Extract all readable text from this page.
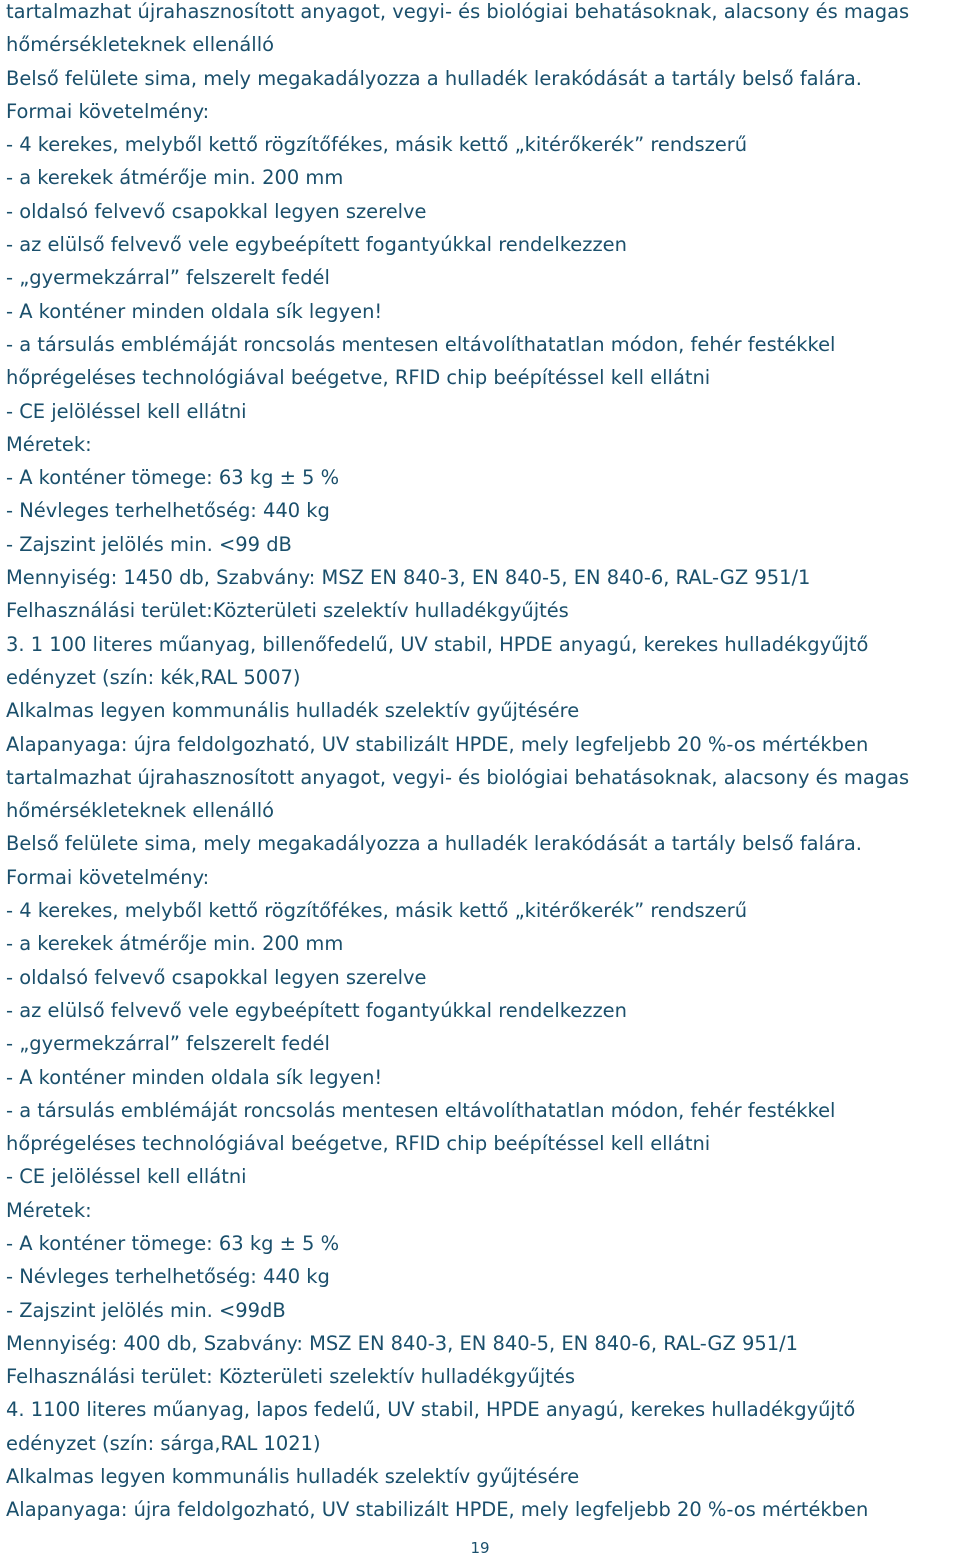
tartalmazhat újrahasznosított anyagot, vegyi- és biológiai behatásoknak, alacsony és magas
hőmérsékleteknek ellenálló
Belső felülete sima, mely megakadályozza a hulladék lerakódását a tartály belső falára.
Formai követelmény:
- 4 kerekes, melyből kettő rögzítőfékes, másik kettő „kitérőkerék” rendszerű
- a kerekek átmérője min. 200 mm
- oldalsó felvevő csapokkal legyen szerelve
- az elülső felvevő vele egybeépített fogantyúkkal rendelkezzen
- „gyermekzárral” felszerelt fedél
- A konténer minden oldala sík legyen!
- a társulás emblémáját roncsolás mentesen eltávolíthatatlan módon, fehér festékkel
hőprégeléses technológiával beégetve, RFID chip beépítéssel kell ellátni
- CE jelöléssel kell ellátni
Méretek:
- A konténer tömege: 63 kg ± 5 %
- Névleges terhelhetőség: 440 kg
- Zajszint jelölés min. <99 dB
Mennyiség: 1450 db, Szabvány: MSZ EN 840-3, EN 840-5, EN 840-6, RAL-GZ 951/1
Felhasználási terület:Közterületi szelektív hulladékgyűjtés
3. 1 100 literes műanyag, billenőfedelű, UV stabil, HPDE anyagú, kerekes hulladékgyűjtő
edényzet (szín: kék,RAL 5007)
Alkalmas legyen kommunális hulladék szelektív gyűjtésére
Alapanyaga: újra feldolgozható, UV stabilizált HPDE, mely legfeljebb 20 %-os mértékben
tartalmazhat újrahasznosított anyagot, vegyi- és biológiai behatásoknak, alacsony és magas
hőmérsékleteknek ellenálló
Belső felülete sima, mely megakadályozza a hulladék lerakódását a tartály belső falára.
Formai követelmény:
- 4 kerekes, melyből kettő rögzítőfékes, másik kettő „kitérőkerék” rendszerű
- a kerekek átmérője min. 200 mm
- oldalsó felvevő csapokkal legyen szerelve
- az elülső felvevő vele egybeépített fogantyúkkal rendelkezzen
- „gyermekzárral” felszerelt fedél
- A konténer minden oldala sík legyen!
- a társulás emblémáját roncsolás mentesen eltávolíthatatlan módon, fehér festékkel
hőprégeléses technológiával beégetve, RFID chip beépítéssel kell ellátni
- CE jelöléssel kell ellátni
Méretek:
- A konténer tömege: 63 kg ± 5 %
- Névleges terhelhetőség: 440 kg
- Zajszint jelölés min. <99dB
Mennyiség: 400 db, Szabvány: MSZ EN 840-3, EN 840-5, EN 840-6, RAL-GZ 951/1
Felhasználási terület: Közterületi szelektív hulladékgyűjtés
4. 1100 literes műanyag, lapos fedelű, UV stabil, HPDE anyagú, kerekes hulladékgyűjtő
edényzet (szín: sárga,RAL 1021)
Alkalmas legyen kommunális hulladék szelektív gyűjtésére
Alapanyaga: újra feldolgozható, UV stabilizált HPDE, mely legfeljebb 20 %-os mértékben
19
